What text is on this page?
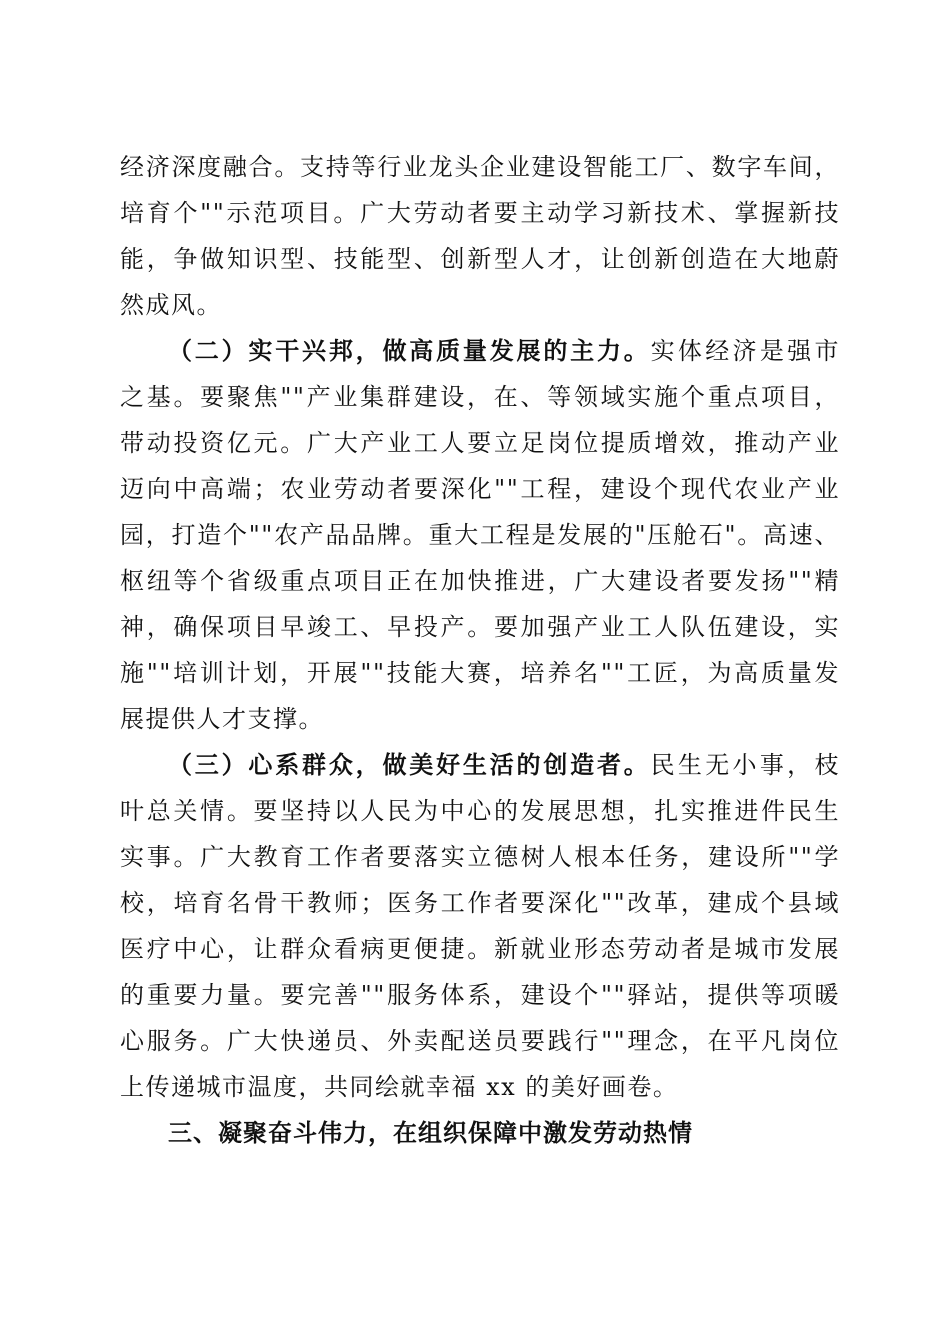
经济深度融合。支持等行业龙头企业建设智能工厂、数字车间，
培育个""示范项目。广大劳动者要主动学习新技术、掌握新技
能，争做知识型、技能型、创新型人才，让创新创造在大地蔚
然成风。
（二）实干兴邦，做高质量发展的主力。实体经济是强市
之基。要聚焦""产业集群建设，在、等领域实施个重点项目，
带动投资亿元。广大产业工人要立足岗位提质增效，推动产业
迈向中高端；农业劳动者要深化""工程，建设个现代农业产业
园，打造个""农产品品牌。重大工程是发展的"压舱石"。高速、
枢纽等个省级重点项目正在加快推进，广大建设者要发扬""精
神，确保项目早竣工、早投产。要加强产业工人队伍建设，实
施""培训计划，开展""技能大赛，培养名""工匠，为高质量发
展提供人才支撑。
（三）心系群众，做美好生活的创造者。民生无小事，枝
叶总关情。要坚持以人民为中心的发展思想，扎实推进件民生
实事。广大教育工作者要落实立德树人根本任务，建设所""学
校，培育名骨干教师；医务工作者要深化""改革，建成个县域
医疗中心，让群众看病更便捷。新就业形态劳动者是城市发展
的重要力量。要完善""服务体系，建设个""驿站，提供等项暖
心服务。广大快递员、外卖配送员要践行""理念，在平凡岗位
上传递城市温度，共同绘就幸福 xx 的美好画卷。
三、凝聚奋斗伟力，在组织保障中激发劳动热情
